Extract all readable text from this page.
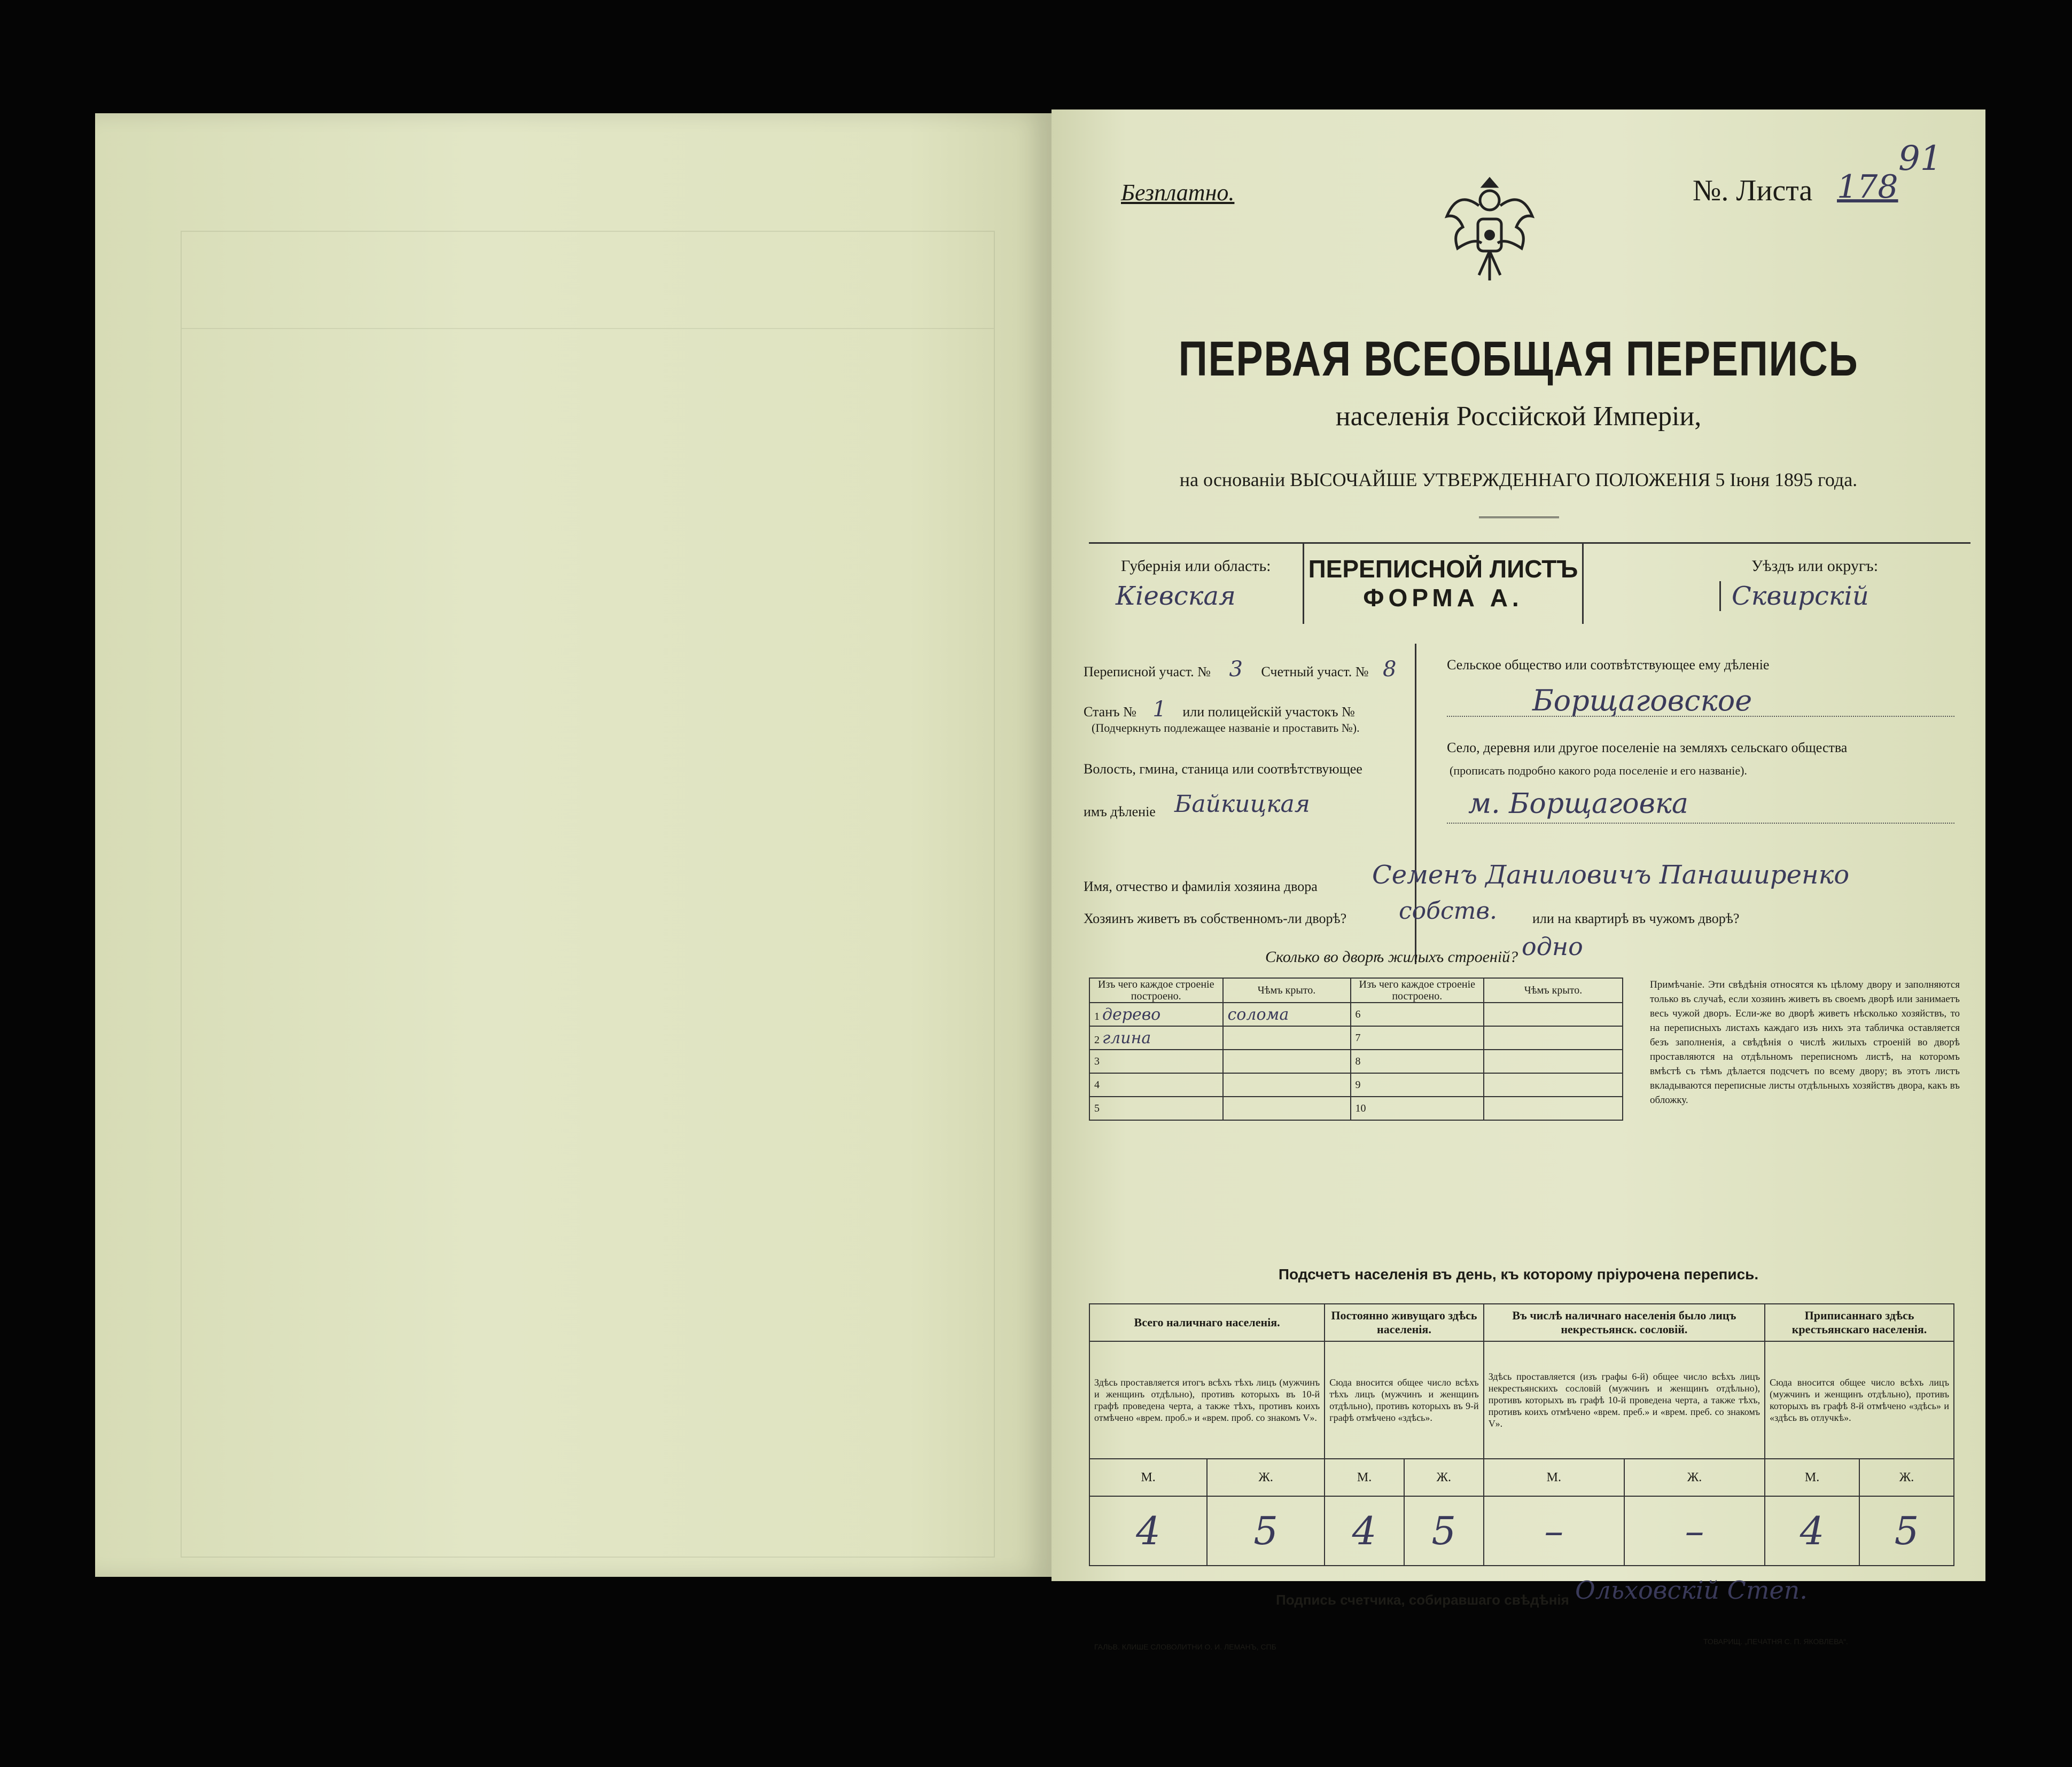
Безплатно.	№. Листа 178
91
ПЕРВАЯ ВСЕОБЩАЯ ПЕРЕПИСЬ
населенія Россійской Имперіи,
на основаніи ВЫСОЧАЙШЕ УТВЕРЖДЕННАГО ПОЛОЖЕНІЯ 5 Іюня 1895 года.
Губернія или область:
Кіевская
ПЕРЕПИСНОЙ ЛИСТЪ
ФОРМА А.
Уѣздъ или округъ:
Сквирскій
Переписной участ. № 3 Счетный участ. № 8
Станъ № 1 или полицейскій участокъ №
(Подчеркнуть подлежащее названіе и проставить №).
Волость, гмина, станица или соотвѣтствующее
имъ дѣленіе Байкицкая
Сельское общество или соотвѣтствующее ему дѣленіе
Борщаговское
Село, деревня или другое поселеніе на земляхъ сельскаго общества
(прописать подробно какого рода поселеніе и его названіе).
м. Борщаговка
Имя, отчество и фамилія хозяина двора Семенъ Даниловичъ Панаширенко
Хозяинъ живетъ въ собственномъ-ли дворѣ? собств.	или на квартирѣ въ чужомъ дворѣ?
Сколько во дворѣ жилыхъ строеній? одно
Изъ чего каждое строеніе построено.	Чѣмъ крыто.	Изъ чего каждое строеніе построено.	Чѣмъ крыто.
1 дерево	солома	6	
2 глина		7	
3		8	
4		9	
5		10	
Примѣчаніе. Эти свѣдѣнія относятся къ цѣлому двору и заполняются только въ случаѣ, если хозяинъ живетъ въ своемъ дворѣ или занимаетъ весь чужой дворъ. Если-же во дворѣ живетъ нѣсколько хозяйствъ, то на переписныхъ листахъ каждаго изъ нихъ эта табличка оставляется безъ заполненія, а свѣдѣнія о числѣ жилыхъ строеній во дворѣ проставляются на отдѣльномъ переписномъ листѣ, на которомъ вмѣстѣ съ тѣмъ дѣлается подсчетъ по всему двору; въ этотъ листъ вкладываются переписные листы отдѣльныхъ хозяйствъ двора, какъ въ обложку.
Подсчетъ населенія въ день, къ которому пріурочена перепись.
Всего наличнаго населенія.		Постоянно живущаго здѣсь населенія.		Въ числѣ наличнаго населенія было лицъ некрестьянск. сословій.		Приписаннаго здѣсь крестьянскаго населенія.	
Здѣсь проставляется итогъ всѣхъ тѣхъ лицъ (мужчинъ и женщинъ отдѣльно), противъ которыхъ въ 10-й графѣ проведена черта, а также тѣхъ, противъ коихъ отмѣчено «врем. проб.» и «врем. проб. со знакомъ V».		Сюда вносится общее число всѣхъ тѣхъ лицъ (мужчинъ и женщинъ отдѣльно), противъ которыхъ въ 9-й графѣ отмѣчено «здѣсь».		Здѣсь проставляется (изъ графы 6-й) общее число всѣхъ лицъ некрестьянскихъ сословій (мужчинъ и женщинъ отдѣльно), противъ которыхъ въ графѣ 10-й проведена черта, а также тѣхъ, противъ коихъ отмѣчено «врем. преб.» и «врем. преб. со знакомъ V».		Сюда вносится общее число всѣхъ лицъ (мужчинъ и женщинъ отдѣльно), противъ которыхъ въ графѣ 8-й отмѣчено «здѣсь» и «здѣсь въ отлучкѣ».	
М.	Ж.	М.	Ж.	М.	Ж.	М.	Ж.
4	5	4	5	–	–	4	5
Подпись счетчика, собиравшаго свѣдѣнія Ольховскій Степ.
ГАЛЬВ. КЛИШЕ СЛОВОЛИТНИ О. И. ЛЕМАНЪ, СПБ
ТОВАРИЩ. „ПЕЧАТНЯ С. П. ЯКОВЛЕВА“.
